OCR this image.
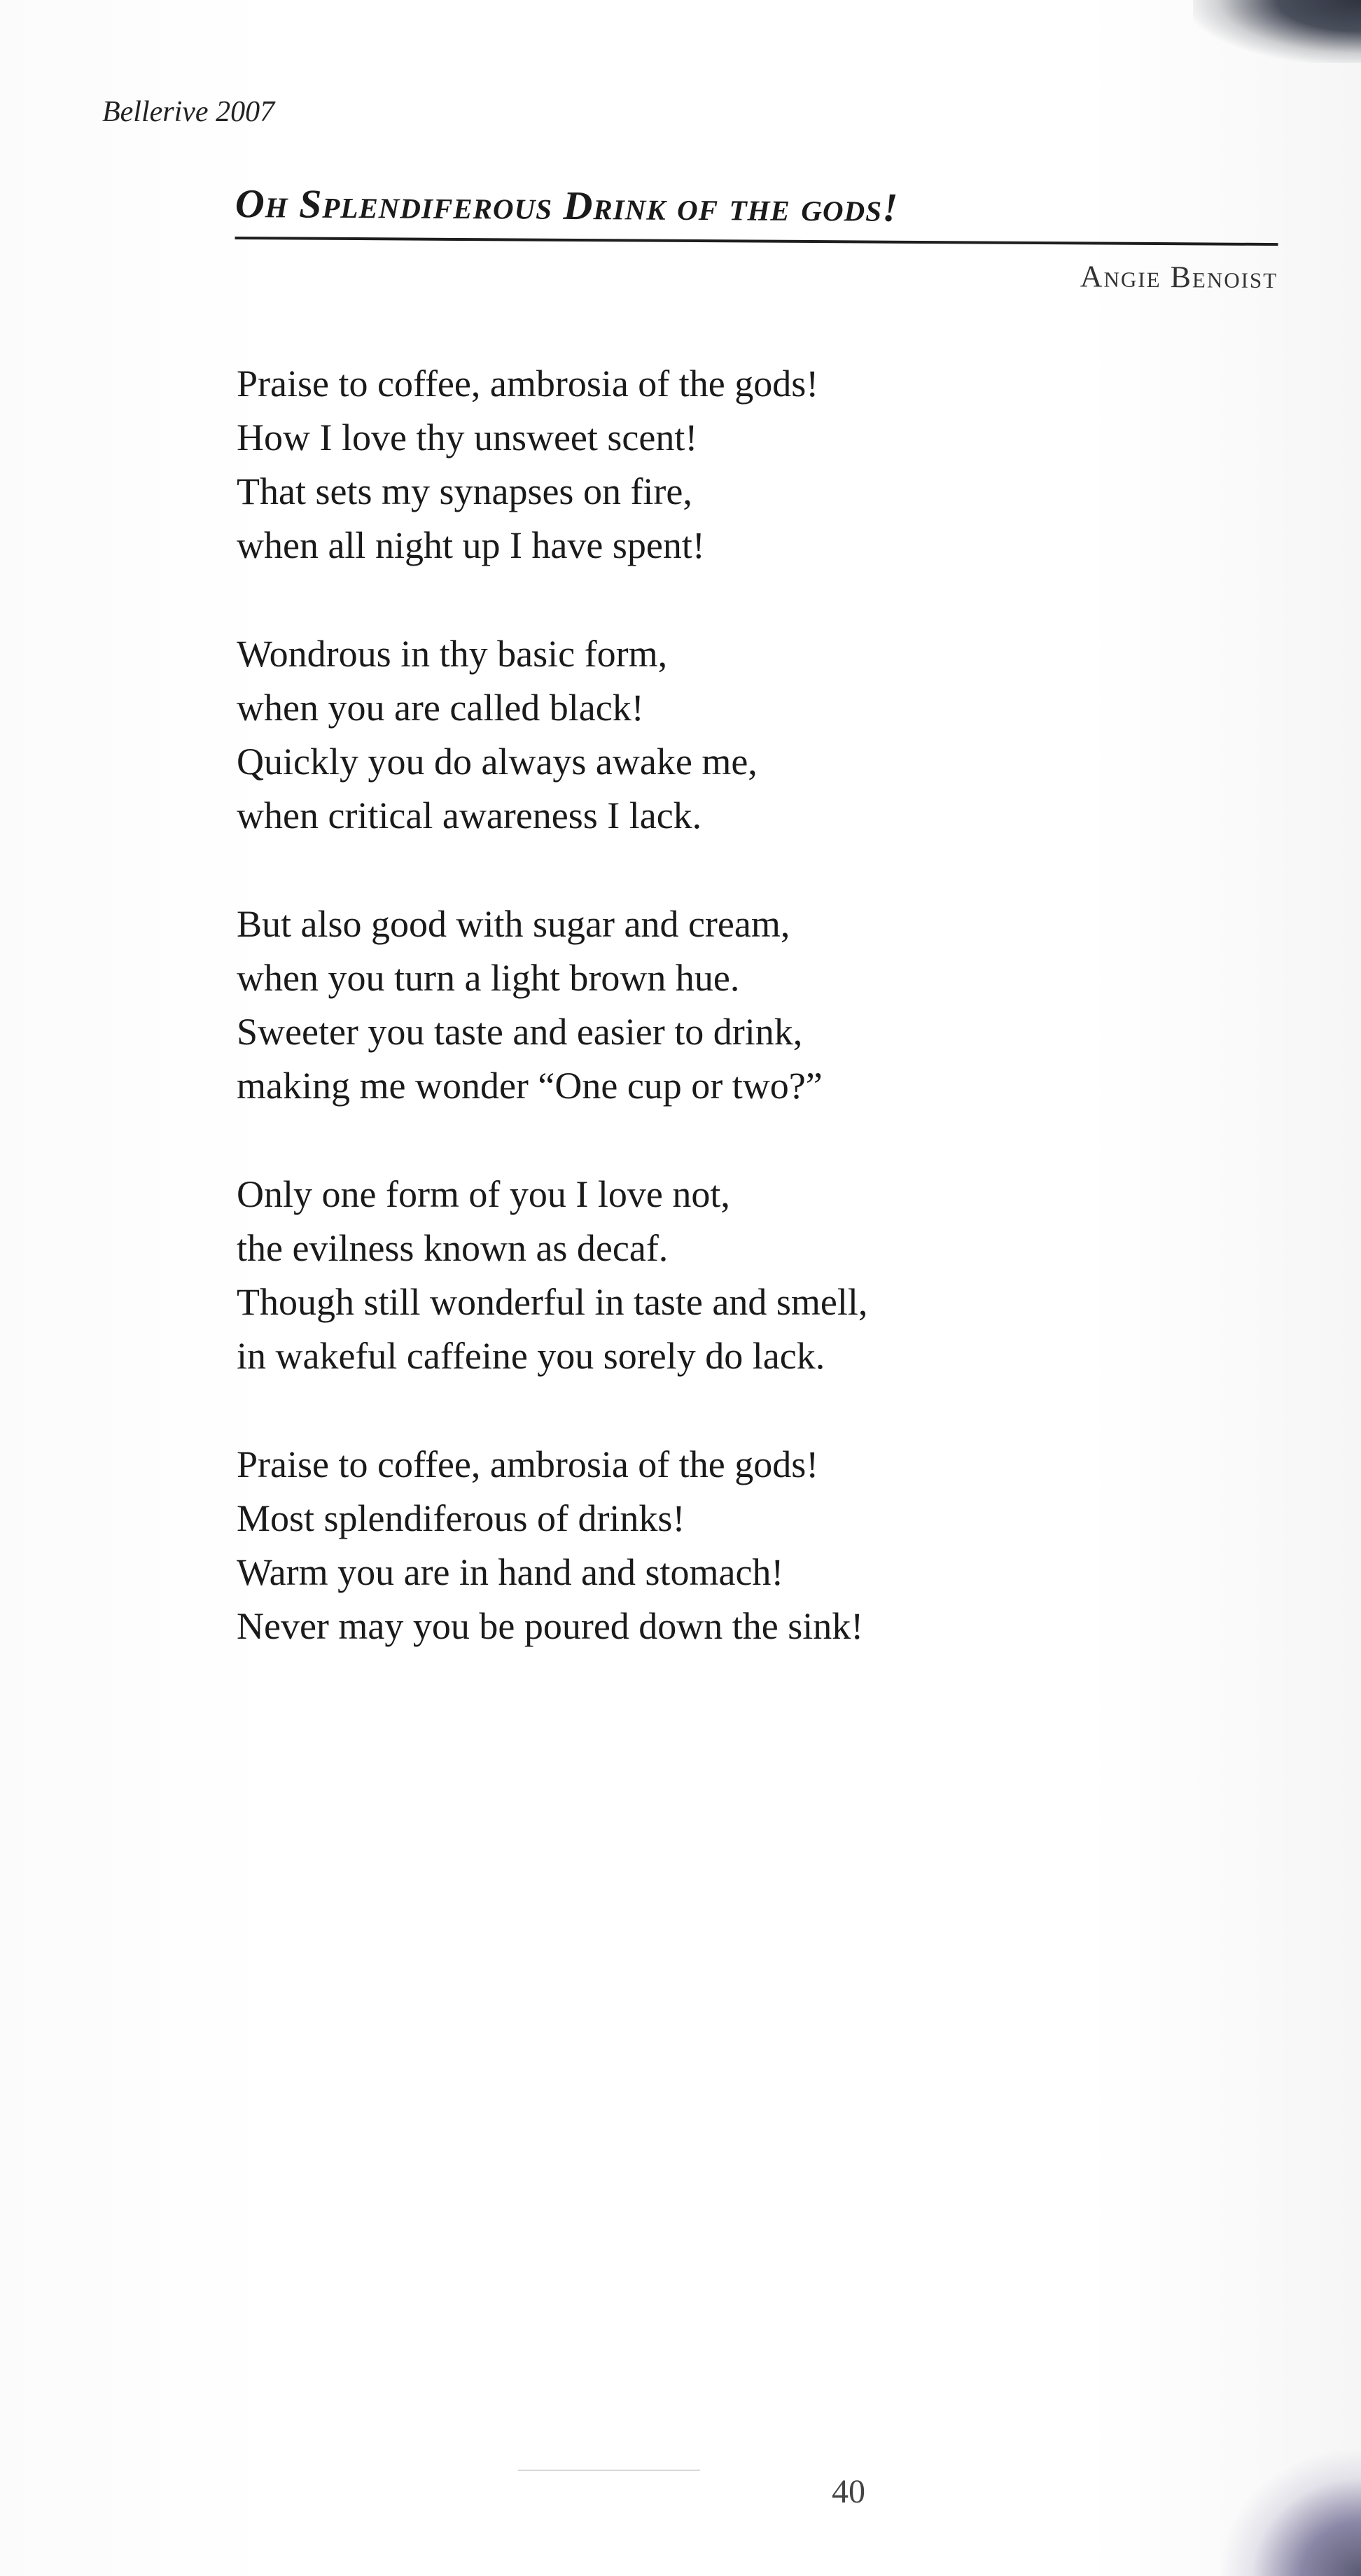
Bellerive 2007
Oh Splendiferous Drink of the gods!
Angie Benoist
Praise to coffee, ambrosia of the gods!
How I love thy unsweet scent!
That sets my synapses on fire,
when all night up I have spent!
Wondrous in thy basic form,
when you are called black!
Quickly you do always awake me,
when critical awareness I lack.
But also good with sugar and cream,
when you turn a light brown hue.
Sweeter you taste and easier to drink,
making me wonder “One cup or two?”
Only one form of you I love not,
the evilness known as decaf.
Though still wonderful in taste and smell,
in wakeful caffeine you sorely do lack.
Praise to coffee, ambrosia of the gods!
Most splendiferous of drinks!
Warm you are in hand and stomach!
Never may you be poured down the sink!
40
